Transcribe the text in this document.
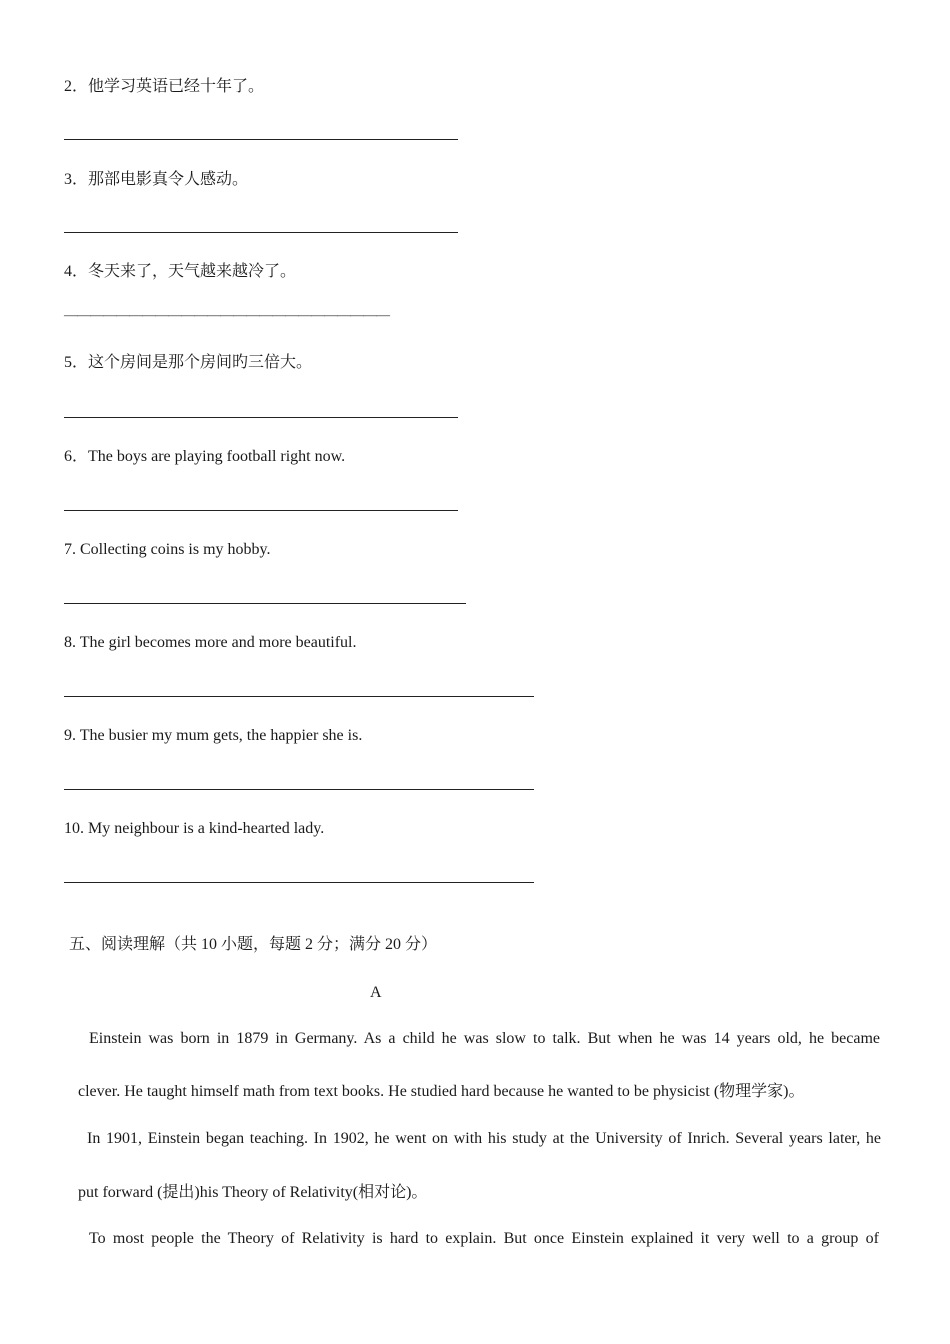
2．他学习英语已经十年了。
3．那部电影真令人感动。
4．冬天来了，天气越来越冷了。
—————————————————————————
5．这个房间是那个房间旳三倍大。
6．The boys are playing football right now.
7. Collecting coins is my hobby.
8. The girl becomes more and more beautiful.
9. The busier my mum gets, the happier she is.
10. My neighbour is a kind-hearted lady.
五、阅读理解（共 10 小题，每题 2 分；满分 20 分）
A
Einstein was born in 1879 in Germany. As a child he was slow to talk. But when he was 14 years old, he became
clever. He taught himself math from text books. He studied hard because he wanted to be physicist (物理学家)。
In 1901, Einstein began teaching. In 1902, he went on with his study at the University of Inrich. Several years later, he
put forward (提出)his Theory of Relativity(相对论)。
To most people the Theory of Relativity is hard to explain. But once Einstein explained it very well to a group of
